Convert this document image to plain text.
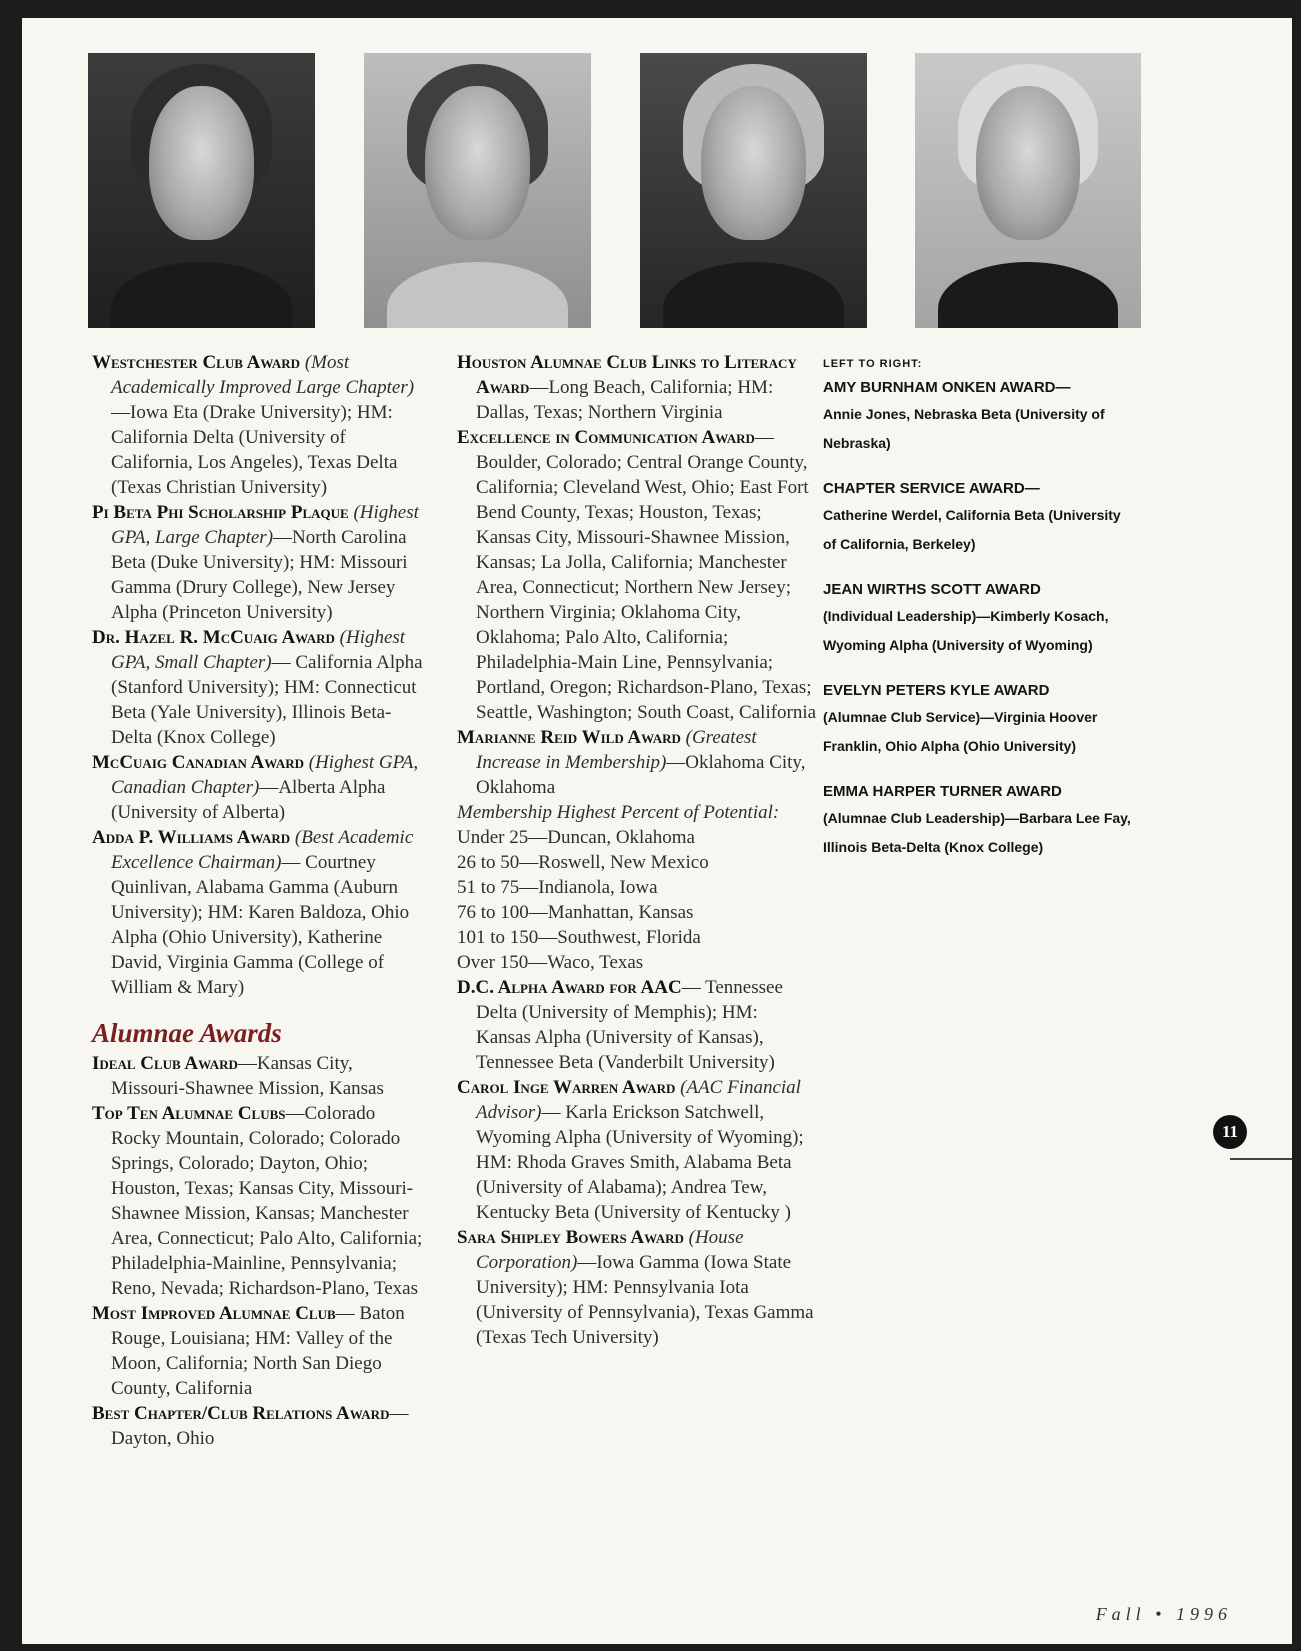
Westchester Club Award (Most Academically Improved Large Chapter)—Iowa Eta (Drake University); HM: California Delta (University of California, Los Angeles), Texas Delta (Texas Christian University)

Pi Beta Phi Scholarship Plaque (Highest GPA, Large Chapter)—North Carolina Beta (Duke University); HM: Missouri Gamma (Drury College), New Jersey Alpha (Princeton University)

Dr. Hazel R. McCuaig Award (Highest GPA, Small Chapter)— California Alpha (Stanford University); HM: Connecticut Beta (Yale University), Illinois Beta-Delta (Knox College)

McCuaig Canadian Award (Highest GPA, Canadian Chapter)—Alberta Alpha (University of Alberta)

Adda P. Williams Award (Best Academic Excellence Chairman)— Courtney Quinlivan, Alabama Gamma (Auburn University); HM: Karen Baldoza, Ohio Alpha (Ohio University), Katherine David, Virginia Gamma (College of William & Mary)

Alumnae Awards

Ideal Club Award—Kansas City, Missouri-Shawnee Mission, Kansas

Top Ten Alumnae Clubs—Colorado Rocky Mountain, Colorado; Colorado Springs, Colorado; Dayton, Ohio; Houston, Texas; Kansas City, Missouri-Shawnee Mission, Kansas; Manchester Area, Connecticut; Palo Alto, California; Philadelphia-Mainline, Pennsylvania; Reno, Nevada; Richardson-Plano, Texas

Most Improved Alumnae Club— Baton Rouge, Louisiana; HM: Valley of the Moon, California; North San Diego County, California

Best Chapter/Club Relations Award—Dayton, Ohio

Houston Alumnae Club Links to Literacy Award—Long Beach, California; HM: Dallas, Texas; Northern Virginia

Excellence in Communication Award—Boulder, Colorado; Central Orange County, California; Cleveland West, Ohio; East Fort Bend County, Texas; Houston, Texas; Kansas City, Missouri-Shawnee Mission, Kansas; La Jolla, California; Manchester Area, Connecticut; Northern New Jersey; Northern Virginia; Oklahoma City, Oklahoma; Palo Alto, California; Philadelphia-Main Line, Pennsylvania; Portland, Oregon; Richardson-Plano, Texas; Seattle, Washington; South Coast, California

Marianne Reid Wild Award (Greatest Increase in Membership)—Oklahoma City, Oklahoma

Membership Highest Percent of Potential:

Under 25—Duncan, Oklahoma

26 to 50—Roswell, New Mexico

51 to 75—Indianola, Iowa

76 to 100—Manhattan, Kansas

101 to 150—Southwest, Florida

Over 150—Waco, Texas

D.C. Alpha Award for AAC— Tennessee Delta (University of Memphis); HM: Kansas Alpha (University of Kansas), Tennessee Beta (Vanderbilt University)

Carol Inge Warren Award (AAC Financial Advisor)— Karla Erickson Satchwell, Wyoming Alpha (University of Wyoming); HM: Rhoda Graves Smith, Alabama Beta (University of Alabama); Andrea Tew, Kentucky Beta (University of Kentucky )

Sara Shipley Bowers Award (House Corporation)—Iowa Gamma (Iowa State University); HM: Pennsylvania Iota (University of Pennsylvania), Texas Gamma (Texas Tech University)

LEFT TO RIGHT:

AMY BURNHAM ONKEN AWARD—

Annie Jones, Nebraska Beta (University of Nebraska)

CHAPTER SERVICE AWARD—

Catherine Werdel, California Beta (University of California, Berkeley)

JEAN WIRTHS SCOTT AWARD

(Individual Leadership)—Kimberly Kosach, Wyoming Alpha (University of Wyoming)

EVELYN PETERS KYLE AWARD

(Alumnae Club Service)—Virginia Hoover Franklin, Ohio Alpha (Ohio University)

EMMA HARPER TURNER AWARD

(Alumnae Club Leadership)—Barbara Lee Fay, Illinois Beta-Delta (Knox College)

11
Fall • 1996
